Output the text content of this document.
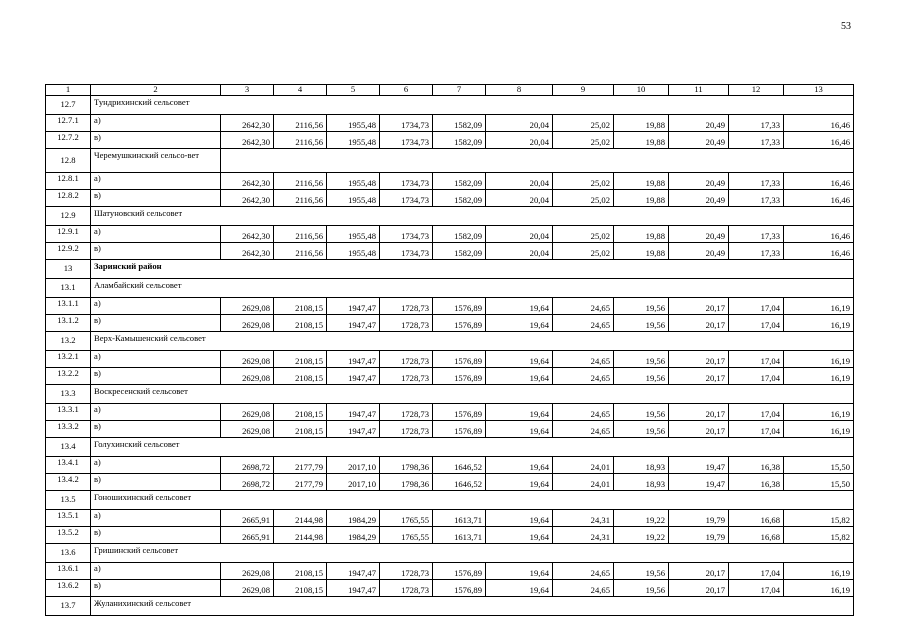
53
1	2	3	4	5	6	7	8	9	10	11	12	13
12.7	Тундрихинский сельсовет											
12.7.1	а)	2642,30	2116,56	1955,48	1734,73	1582,09	20,04	25,02	19,88	20,49	17,33	16,46
12.7.2	в)	2642,30	2116,56	1955,48	1734,73	1582,09	20,04	25,02	19,88	20,49	17,33	16,46
12.8	Черемушкинский сельсо-вет											
12.8.1	а)	2642,30	2116,56	1955,48	1734,73	1582,09	20,04	25,02	19,88	20,49	17,33	16,46
12.8.2	в)	2642,30	2116,56	1955,48	1734,73	1582,09	20,04	25,02	19,88	20,49	17,33	16,46
12.9	Шатуновский сельсовет											
12.9.1	а)	2642,30	2116,56	1955,48	1734,73	1582,09	20,04	25,02	19,88	20,49	17,33	16,46
12.9.2	в)	2642,30	2116,56	1955,48	1734,73	1582,09	20,04	25,02	19,88	20,49	17,33	16,46
13	Заринский район											
13.1	Аламбайский сельсовет											
13.1.1	а)	2629,08	2108,15	1947,47	1728,73	1576,89	19,64	24,65	19,56	20,17	17,04	16,19
13.1.2	в)	2629,08	2108,15	1947,47	1728,73	1576,89	19,64	24,65	19,56	20,17	17,04	16,19
13.2	Верх-Камышенский сельсовет											
13.2.1	а)	2629,08	2108,15	1947,47	1728,73	1576,89	19,64	24,65	19,56	20,17	17,04	16,19
13.2.2	в)	2629,08	2108,15	1947,47	1728,73	1576,89	19,64	24,65	19,56	20,17	17,04	16,19
13.3	Воскресенский сельсовет											
13.3.1	а)	2629,08	2108,15	1947,47	1728,73	1576,89	19,64	24,65	19,56	20,17	17,04	16,19
13.3.2	в)	2629,08	2108,15	1947,47	1728,73	1576,89	19,64	24,65	19,56	20,17	17,04	16,19
13.4	Голухинский сельсовет											
13.4.1	а)	2698,72	2177,79	2017,10	1798,36	1646,52	19,64	24,01	18,93	19,47	16,38	15,50
13.4.2	в)	2698,72	2177,79	2017,10	1798,36	1646,52	19,64	24,01	18,93	19,47	16,38	15,50
13.5	Гоношихинский сельсовет											
13.5.1	а)	2665,91	2144,98	1984,29	1765,55	1613,71	19,64	24,31	19,22	19,79	16,68	15,82
13.5.2	в)	2665,91	2144,98	1984,29	1765,55	1613,71	19,64	24,31	19,22	19,79	16,68	15,82
13.6	Гришинский сельсовет											
13.6.1	а)	2629,08	2108,15	1947,47	1728,73	1576,89	19,64	24,65	19,56	20,17	17,04	16,19
13.6.2	в)	2629,08	2108,15	1947,47	1728,73	1576,89	19,64	24,65	19,56	20,17	17,04	16,19
13.7	Жуланихинский сельсовет											
